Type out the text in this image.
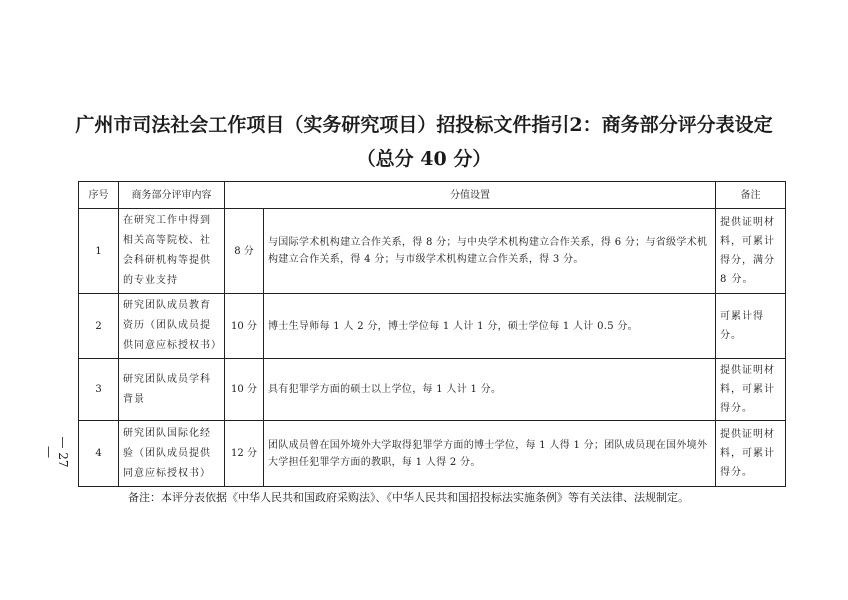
广州市司法社会工作项目（实务研究项目）招投标文件指引2：商务部分评分表设定
（总分 40 分）
序号	商务部分评审内容	分值设置		备注
1	在研究工作中得到相关高等院校、社会科研机构等提供的专业支持	8 分	与国际学术机构建立合作关系，得 8 分；与中央学术机构建立合作关系，得 6 分；与省级学术机构建立合作关系，得 4 分；与市级学术机构建立合作关系，得 3 分。	提供证明材料，可累计得分，满分 8 分。
2	研究团队成员教育资历（团队成员提供同意应标授权书）	10 分	博士生导师每 1 人 2 分，博士学位每 1 人计 1 分，硕士学位每 1 人计 0.5 分。	可累计得分。
3	研究团队成员学科背景	10 分	具有犯罪学方面的硕士以上学位，每 1 人计 1 分。	提供证明材料，可累计得分。
4	研究团队国际化经验（团队成员提供同意应标授权书）	12 分	团队成员曾在国外境外大学取得犯罪学方面的博士学位，每 1 人得 1 分；团队成员现在国外境外大学担任犯罪学方面的教职，每 1 人得 2 分。	提供证明材料，可累计得分。
备注：本评分表依据《中华人民共和国政府采购法》、《中华人民共和国招投标法实施条例》等有关法律、法规制定。
— 27 —
